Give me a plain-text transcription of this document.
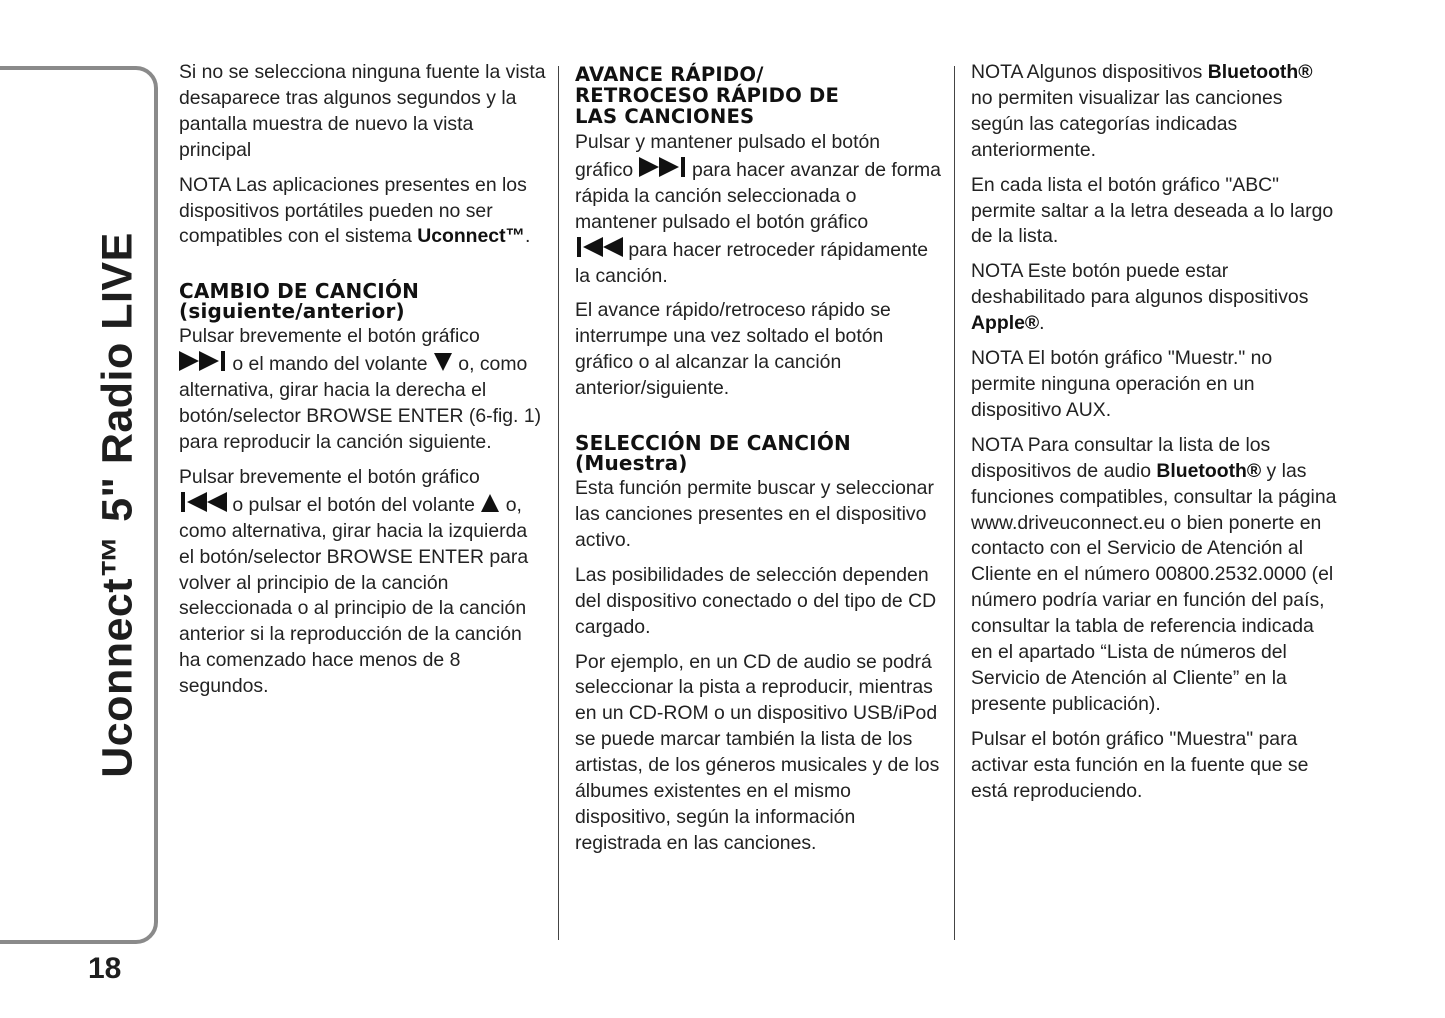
Uconnect™ 5" Radio LIVE
18
Si no se selecciona ninguna fuente la vista desaparece tras algunos segundos y la pantalla muestra de nuevo la vista principal
NOTA Las aplicaciones presentes en los dispositivos portátiles pueden no ser compatibles con el sistema Uconnect™.
CAMBIO DE CANCIÓN
(siguiente/anterior)
Pulsar brevemente el botón gráfico

o el mando del volante
o, como alternativa, girar hacia la derecha el botón/selector BROWSE ENTER (6-fig. 1) para reproducir la canción siguiente.
Pulsar brevemente el botón gráfico

o pulsar el botón del volante
o, como alternativa, girar hacia la izquierda el botón/selector BROWSE ENTER para volver al principio de la canción seleccionada o al principio de la canción anterior si la reproducción de la canción ha comenzado hace menos de 8 segundos.
AVANCE RÁPIDO/
RETROCESO RÁPIDO DE
LAS CANCIONES
Pulsar y mantener pulsado el botón gráfico
para hacer avanzar de forma rápida la canción seleccionada o mantener pulsado el botón gráfico

para hacer retroceder rápidamente la canción.
El avance rápido/retroceso rápido se interrumpe una vez soltado el botón gráfico o al alcanzar la canción anterior/siguiente.
SELECCIÓN DE CANCIÓN
(Muestra)
Esta función permite buscar y seleccionar las canciones presentes en el dispositivo activo.
Las posibilidades de selección dependen del dispositivo conectado o del tipo de CD cargado.
Por ejemplo, en un CD de audio se podrá seleccionar la pista a reproducir, mientras en un CD-ROM o un dispositivo USB/iPod se puede marcar también la lista de los artistas, de los géneros musicales y de los álbumes existentes en el mismo dispositivo, según la información registrada en las canciones.
NOTA Algunos dispositivos Bluetooth® no permiten visualizar las canciones según las categorías indicadas anteriormente.
En cada lista el botón gráfico "ABC" permite saltar a la letra deseada a lo largo de la lista.
NOTA Este botón puede estar deshabilitado para algunos dispositivos Apple®.
NOTA El botón gráfico "Muestr." no permite ninguna operación en un dispositivo AUX.
NOTA Para consultar la lista de los dispositivos de audio Bluetooth® y las funciones compatibles, consultar la página www.driveuconnect.eu o bien ponerte en contacto con el Servicio de Atención al Cliente en el número 00800.2532.0000 (el número podría variar en función del país, consultar la tabla de referencia indicada en el apartado “Lista de números del Servicio de Atención al Cliente” en la presente publicación).
Pulsar el botón gráfico "Muestra" para activar esta función en la fuente que se está reproduciendo.
